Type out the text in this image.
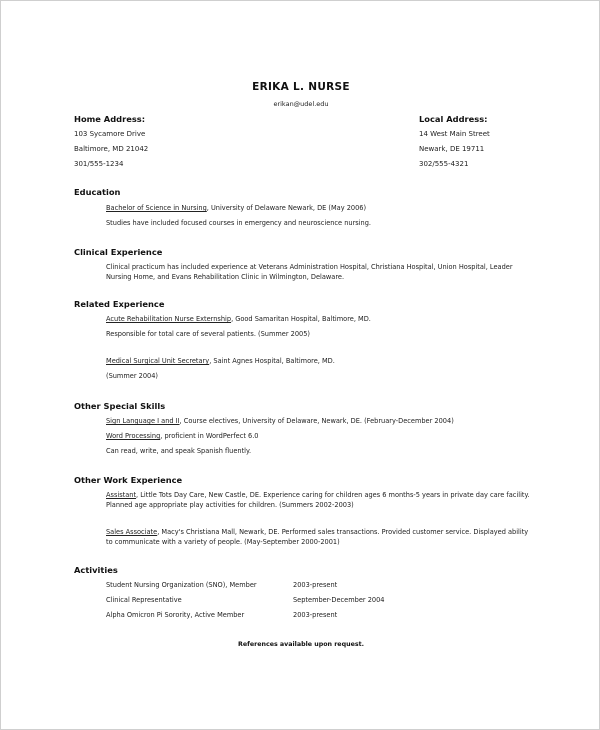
ERIKA L. NURSE
erikan@udel.edu
Home Address:
103 Sycamore Drive
Baltimore, MD 21042
301/555-1234
Local Address:
14 West Main Street
Newark, DE 19711
302/555-4321
Education
Bachelor of Science in Nursing, University of Delaware Newark, DE (May 2006)
Studies have included focused courses in emergency and neuroscience nursing.
Clinical Experience
Clinical practicum has included experience at Veterans Administration Hospital, Christiana Hospital, Union Hospital, Leader Nursing Home, and Evans Rehabilitation Clinic in Wilmington, Delaware.
Related Experience
Acute Rehabilitation Nurse Externship, Good Samaritan Hospital, Baltimore, MD.
Responsible for total care of several patients. (Summer 2005)
Medical Surgical Unit Secretary, Saint Agnes Hospital, Baltimore, MD.
(Summer 2004)
Other Special Skills
Sign Language I and II, Course electives, University of Delaware, Newark, DE. (February-December 2004)
Word Processing, proficient in WordPerfect 6.0
Can read, write, and speak Spanish fluently.
Other Work Experience
Assistant, Little Tots Day Care, New Castle, DE. Experience caring for children ages 6 months-5 years in private day care facility. Planned age appropriate play activities for children. (Summers 2002-2003)
Sales Associate, Macy's Christiana Mall, Newark, DE. Performed sales transactions. Provided customer service. Displayed ability to communicate with a variety of people. (May-September 2000-2001)
Activities
Student Nursing Organization (SNO), Member	2003-present
Clinical Representative	September-December 2004
Alpha Omicron Pi Sorority, Active Member	2003-present
References available upon request.
